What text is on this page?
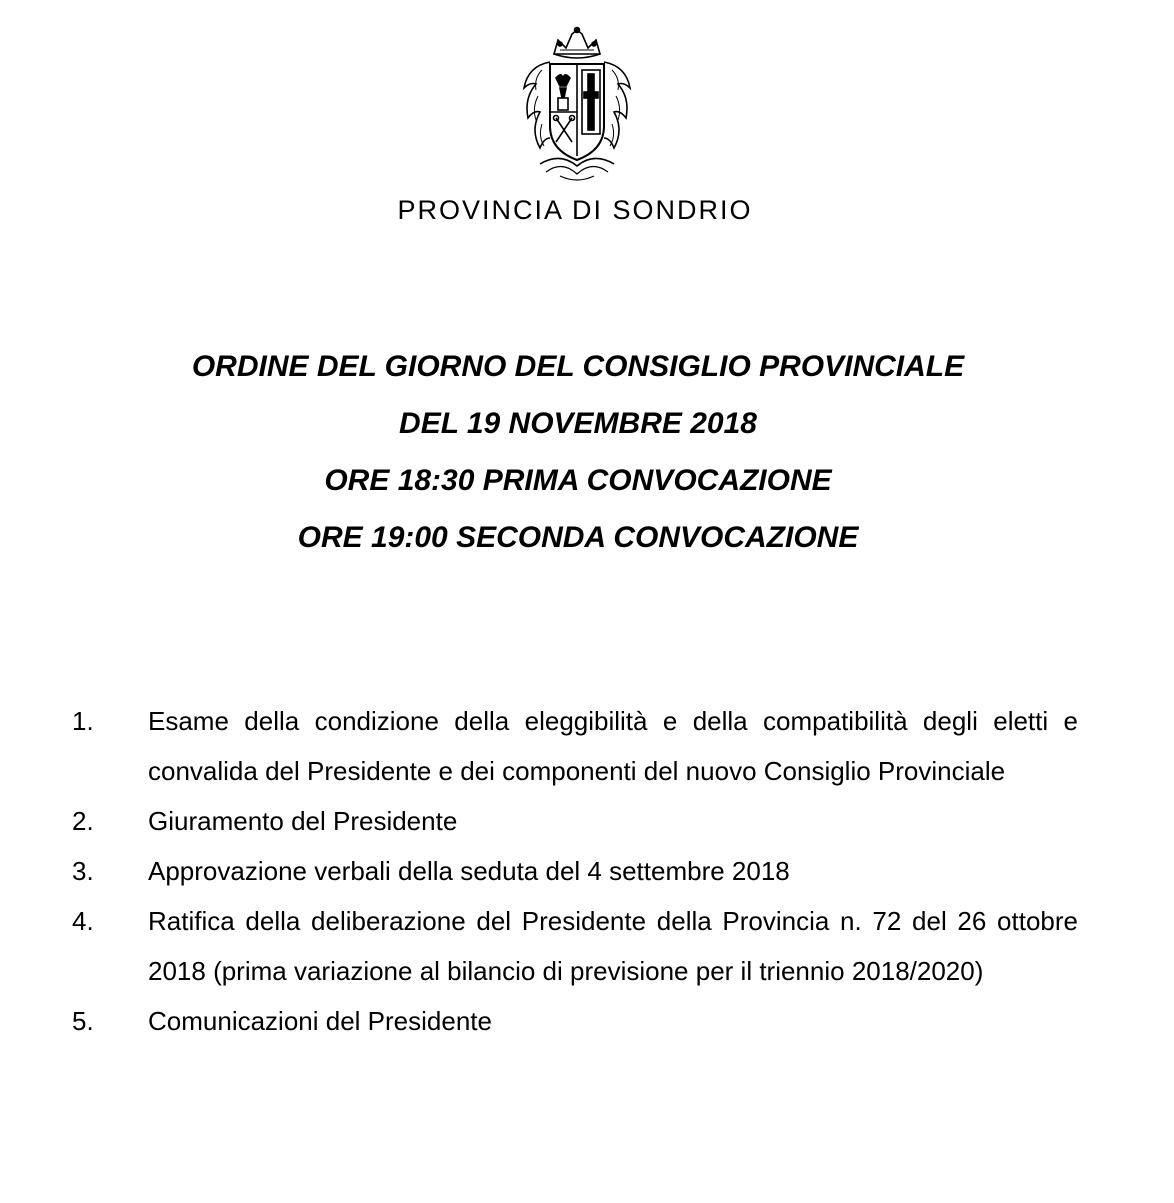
PROVINCIA DI SONDRIO
ORDINE DEL GIORNO DEL CONSIGLIO PROVINCIALE
DEL 19 NOVEMBRE 2018
ORE 18:30 PRIMA CONVOCAZIONE
ORE 19:00 SECONDA CONVOCAZIONE
1.	Esame della condizione della eleggibilità e della compatibilità degli eletti e convalida del Presidente e dei componenti del nuovo Consiglio Provinciale
2.	Giuramento del Presidente
3.	Approvazione verbali della seduta del 4 settembre 2018
4.	Ratifica della deliberazione del Presidente della Provincia n. 72 del 26 ottobre 2018 (prima variazione al bilancio di previsione per il triennio 2018/2020)
5.	Comunicazioni del Presidente
